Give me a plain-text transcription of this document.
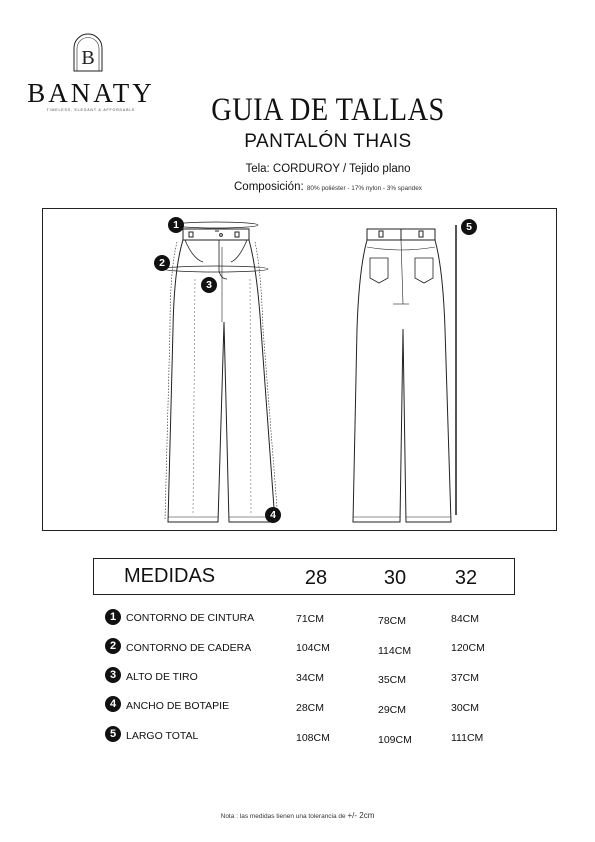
B
BANATY
TIMELESS, ELEGANT & AFFORDABLE	GUIA DE TALLAS
PANTALÓN THAIS
Tela: CORDUROY / Tejido plano
Composición: 80% poliéster - 17% nylon - 3% spandex
1
2
3
4
5
MEDIDAS	28	30	32
1 CONTORNO DE CINTURA	71CM	78CM	84CM
2 CONTORNO DE CADERA	104CM	114CM	120CM
3 ALTO DE TIRO	34CM	35CM	37CM
4 ANCHO DE BOTAPIE	28CM	29CM	30CM
5 LARGO TOTAL	108CM	109CM	111CM
Nota : las medidas tienen una tolerancia de +/- 2cm
